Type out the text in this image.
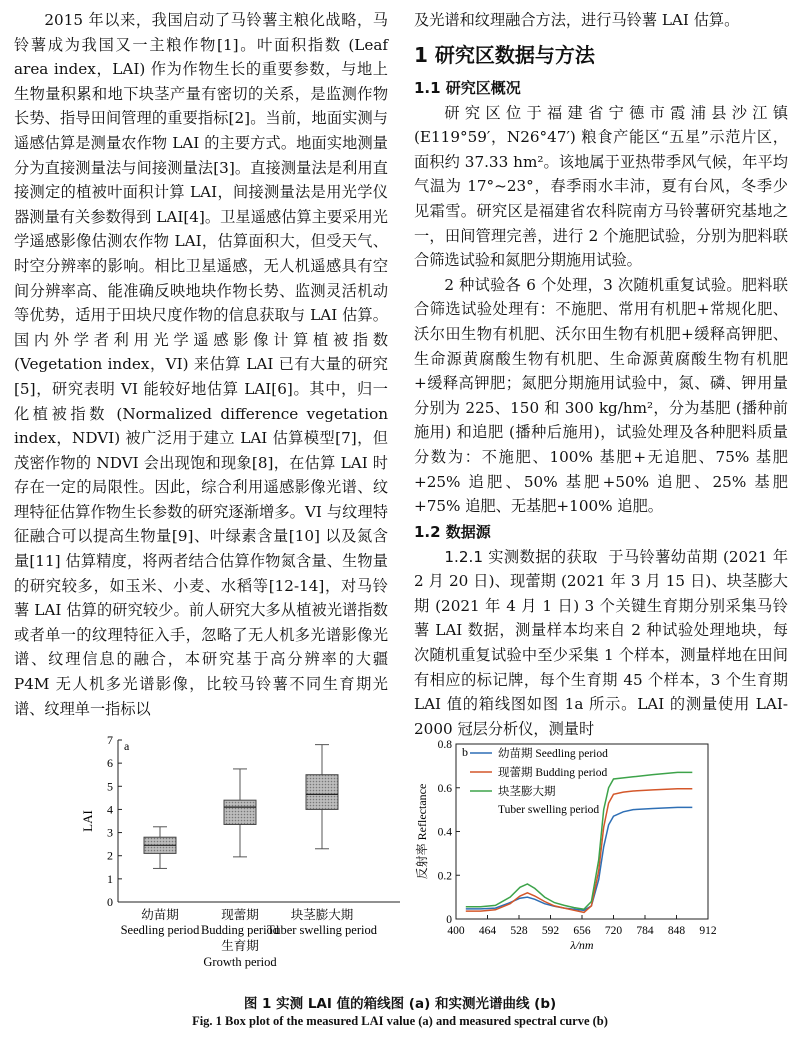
2015 年以来，我国启动了马铃薯主粮化战略，马铃薯成为我国又一主粮作物[1]。叶面积指数 (Leaf area index，LAI) 作为作物生长的重要参数，与地上生物量积累和地下块茎产量有密切的关系，是监测作物长势、指导田间管理的重要指标[2]。当前，地面实测与遥感估算是测量农作物 LAI 的主要方式。地面实地测量分为直接测量法与间接测量法[3]。直接测量法是利用直接测定的植被叶面积计算 LAI，间接测量法是用光学仪器测量有关参数得到 LAI[4]。卫星遥感估算主要采用光学遥感影像估测农作物 LAI，估算面积大，但受天气、时空分辨率的影响。相比卫星遥感，无人机遥感具有空间分辨率高、能准确反映地块作物长势、监测灵活机动等优势，适用于田块尺度作物的信息获取与 LAI 估算。国内外学者利用光学遥感影像计算植被指数 (Vegetation index，VI) 来估算 LAI 已有大量的研究[5]，研究表明 VI 能较好地估算 LAI[6]。其中，归一化植被指数 (Normalized difference vegetation index，NDVI) 被广泛用于建立 LAI 估算模型[7]，但茂密作物的 NDVI 会出现饱和现象[8]，在估算 LAI 时存在一定的局限性。因此，综合利用遥感影像光谱、纹理特征估算作物生长参数的研究逐渐增多。VI 与纹理特征融合可以提高生物量[9]、叶绿素含量[10] 以及氮含量[11] 估算精度，将两者结合估算作物氮含量、生物量的研究较多，如玉米、小麦、水稻等[12-14]，对马铃薯 LAI 估算的研究较少。前人研究大多从植被光谱指数或者单一的纹理特征入手，忽略了无人机多光谱影像光谱、纹理信息的融合，本研究基于高分辨率的大疆 P4M 无人机多光谱影像，比较马铃薯不同生育期光谱、纹理单一指标以

及光谱和纹理融合方法，进行马铃薯 LAI 估算。

1 研究区数据与方法
1.1 研究区概况

研究区位于福建省宁德市霞浦县沙江镇 (E119°59′，N26°47′) 粮食产能区“五星”示范片区，面积约 37.33 hm²。该地属于亚热带季风气候，年平均气温为 17°~23°，春季雨水丰沛，夏有台风，冬季少见霜雪。研究区是福建省农科院南方马铃薯研究基地之一，田间管理完善，进行 2 个施肥试验，分别为肥料联合筛选试验和氮肥分期施用试验。

2 种试验各 6 个处理，3 次随机重复试验。肥料联合筛选试验处理有：不施肥、常用有机肥+常规化肥、沃尔田生物有机肥、沃尔田生物有机肥+缓释高钾肥、生命源黄腐酸生物有机肥、生命源黄腐酸生物有机肥+缓释高钾肥；氮肥分期施用试验中，氮、磷、钾用量分别为 225、150 和 300 kg/hm²，分为基肥 (播种前施用) 和追肥 (播种后施用)，试验处理及各种肥料质量分数为：不施肥、100% 基肥+无追肥、75% 基肥+25% 追肥、50% 基肥+50% 追肥、25% 基肥+75% 追肥、无基肥+100% 追肥。

1.2 数据源

1.2.1 实测数据的获取 于马铃薯幼苗期 (2021 年 2 月 20 日)、现蕾期 (2021 年 3 月 15 日)、块茎膨大期 (2021 年 4 月 1 日) 3 个关键生育期分别采集马铃薯 LAI 数据，测量样本均来自 2 种试验处理地块，每次随机重复试验中至少采集 1 个样本，测量样地在田间有相应的标记牌，每个生育期 45 个样本，3 个生育期 LAI 值的箱线图如图 1a 所示。LAI 的测量使用 LAI-2000 冠层分析仪，测量时

0
1
2
3
4
5
6
7 a
LAI
幼苗期
Seedling period
现蕾期
Budding period
块茎膨大期
Tuber swelling period
生育期
Growth period
400 464 528 592 656 720 784 848 912
0
0.2
0.4
0.6
0.8 b
反射率 Reflectance
λ/nm
幼苗期 Seedling period
现蕾期 Budding period
块茎膨大期
Tuber swelling period
图 1 实测 LAI 值的箱线图 (a) 和实测光谱曲线 (b)
Fig. 1 Box plot of the measured LAI value (a) and measured spectral curve (b)
